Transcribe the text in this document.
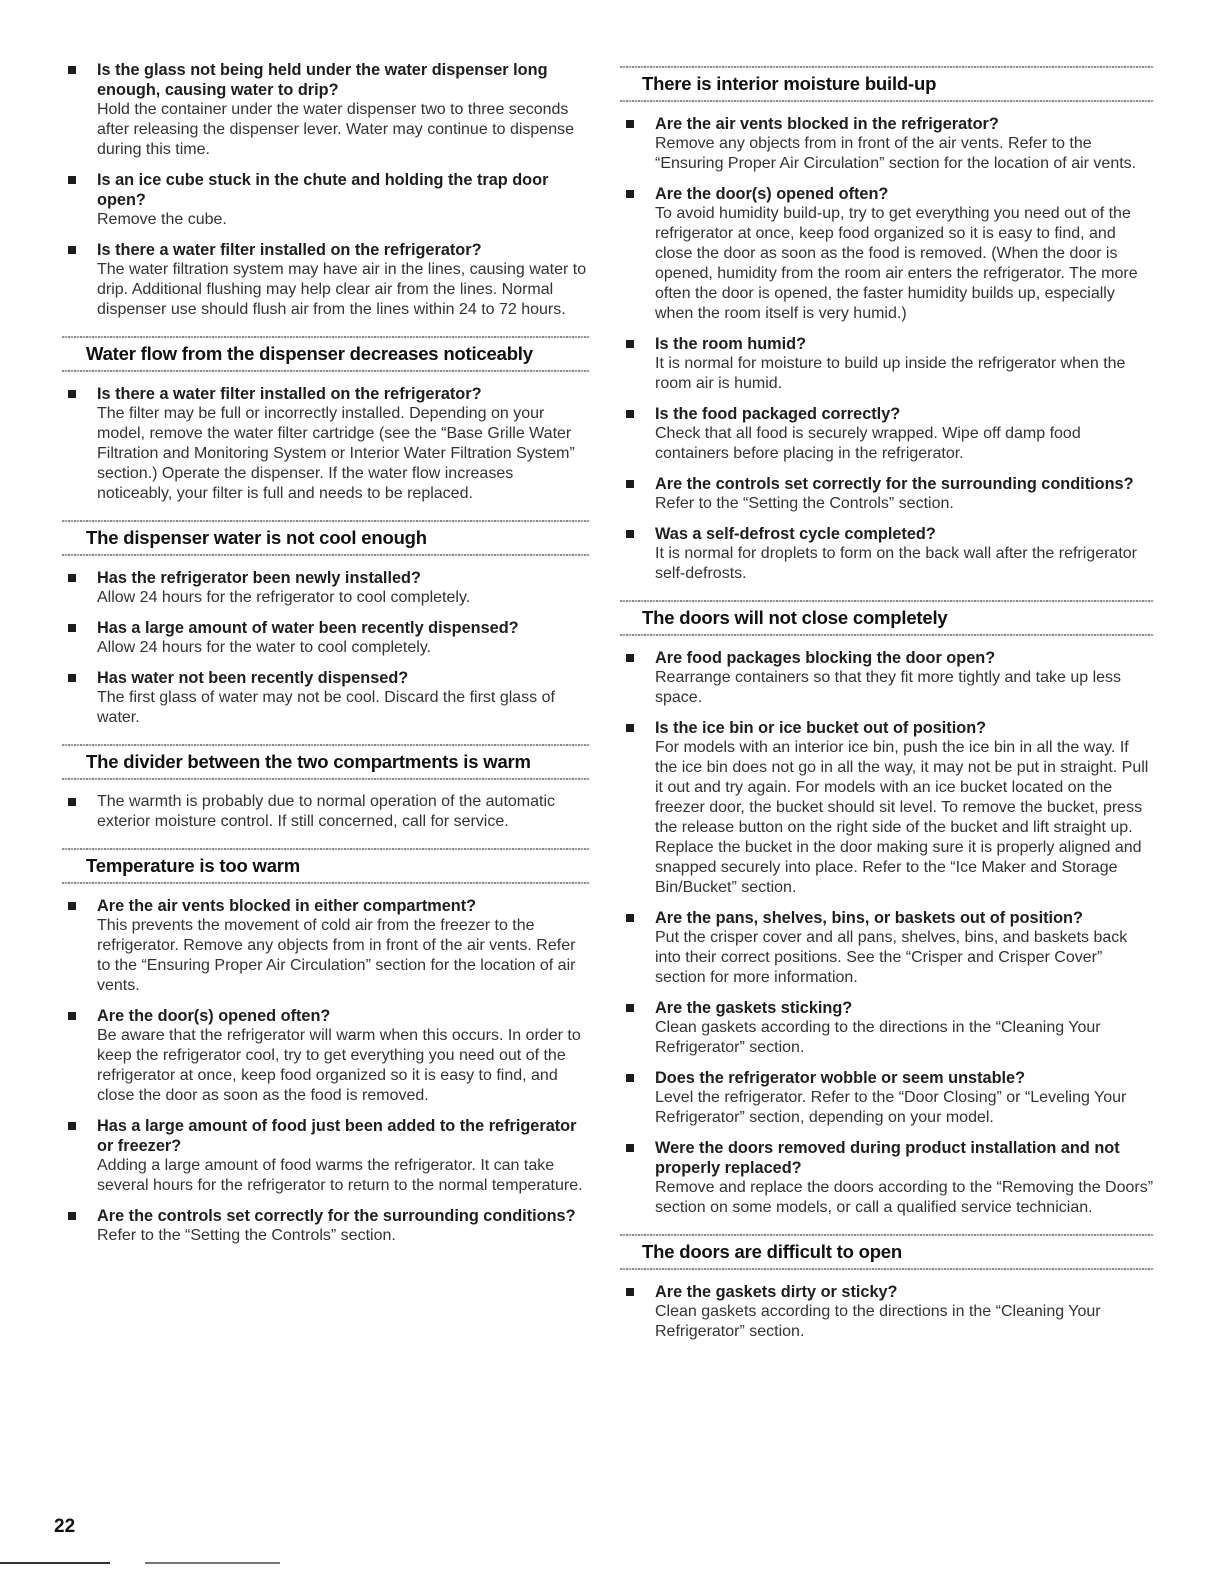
Is the glass not being held under the water dispenser long enough, causing water to drip?
Hold the container under the water dispenser two to three seconds after releasing the dispenser lever. Water may continue to dispense during this time.
Is an ice cube stuck in the chute and holding the trap door open?
Remove the cube.
Is there a water filter installed on the refrigerator?
The water filtration system may have air in the lines, causing water to drip. Additional flushing may help clear air from the lines. Normal dispenser use should flush air from the lines within 24 to 72 hours.
Water flow from the dispenser decreases noticeably
Is there a water filter installed on the refrigerator?
The filter may be full or incorrectly installed. Depending on your model, remove the water filter cartridge (see the “Base Grille Water Filtration and Monitoring System or Interior Water Filtration System” section.) Operate the dispenser. If the water flow increases noticeably, your filter is full and needs to be replaced.
The dispenser water is not cool enough
Has the refrigerator been newly installed?
Allow 24 hours for the refrigerator to cool completely.
Has a large amount of water been recently dispensed?
Allow 24 hours for the water to cool completely.
Has water not been recently dispensed?
The first glass of water may not be cool. Discard the first glass of water.
The divider between the two compartments is warm
The warmth is probably due to normal operation of the automatic exterior moisture control. If still concerned, call for service.
Temperature is too warm
Are the air vents blocked in either compartment?
This prevents the movement of cold air from the freezer to the refrigerator. Remove any objects from in front of the air vents. Refer to the “Ensuring Proper Air Circulation” section for the location of air vents.
Are the door(s) opened often?
Be aware that the refrigerator will warm when this occurs. In order to keep the refrigerator cool, try to get everything you need out of the refrigerator at once, keep food organized so it is easy to find, and close the door as soon as the food is removed.
Has a large amount of food just been added to the refrigerator or freezer?
Adding a large amount of food warms the refrigerator. It can take several hours for the refrigerator to return to the normal temperature.
Are the controls set correctly for the surrounding conditions?
Refer to the “Setting the Controls” section.
There is interior moisture build-up
Are the air vents blocked in the refrigerator?
Remove any objects from in front of the air vents. Refer to the “Ensuring Proper Air Circulation” section for the location of air vents.
Are the door(s) opened often?
To avoid humidity build-up, try to get everything you need out of the refrigerator at once, keep food organized so it is easy to find, and close the door as soon as the food is removed. (When the door is opened, humidity from the room air enters the refrigerator. The more often the door is opened, the faster humidity builds up, especially when the room itself is very humid.)
Is the room humid?
It is normal for moisture to build up inside the refrigerator when the room air is humid.
Is the food packaged correctly?
Check that all food is securely wrapped. Wipe off damp food containers before placing in the refrigerator.
Are the controls set correctly for the surrounding conditions?
Refer to the “Setting the Controls” section.
Was a self-defrost cycle completed?
It is normal for droplets to form on the back wall after the refrigerator self-defrosts.
The doors will not close completely
Are food packages blocking the door open?
Rearrange containers so that they fit more tightly and take up less space.
Is the ice bin or ice bucket out of position?
For models with an interior ice bin, push the ice bin in all the way. If the ice bin does not go in all the way, it may not be put in straight. Pull it out and try again. For models with an ice bucket located on the freezer door, the bucket should sit level. To remove the bucket, press the release button on the right side of the bucket and lift straight up. Replace the bucket in the door making sure it is properly aligned and snapped securely into place. Refer to the “Ice Maker and Storage Bin/Bucket” section.
Are the pans, shelves, bins, or baskets out of position?
Put the crisper cover and all pans, shelves, bins, and baskets back into their correct positions. See the “Crisper and Crisper Cover” section for more information.
Are the gaskets sticking?
Clean gaskets according to the directions in the “Cleaning Your Refrigerator” section.
Does the refrigerator wobble or seem unstable?
Level the refrigerator. Refer to the “Door Closing” or “Leveling Your Refrigerator” section, depending on your model.
Were the doors removed during product installation and not properly replaced?
Remove and replace the doors according to the “Removing the Doors” section on some models, or call a qualified service technician.
The doors are difficult to open
Are the gaskets dirty or sticky?
Clean gaskets according to the directions in the “Cleaning Your Refrigerator” section.
22
